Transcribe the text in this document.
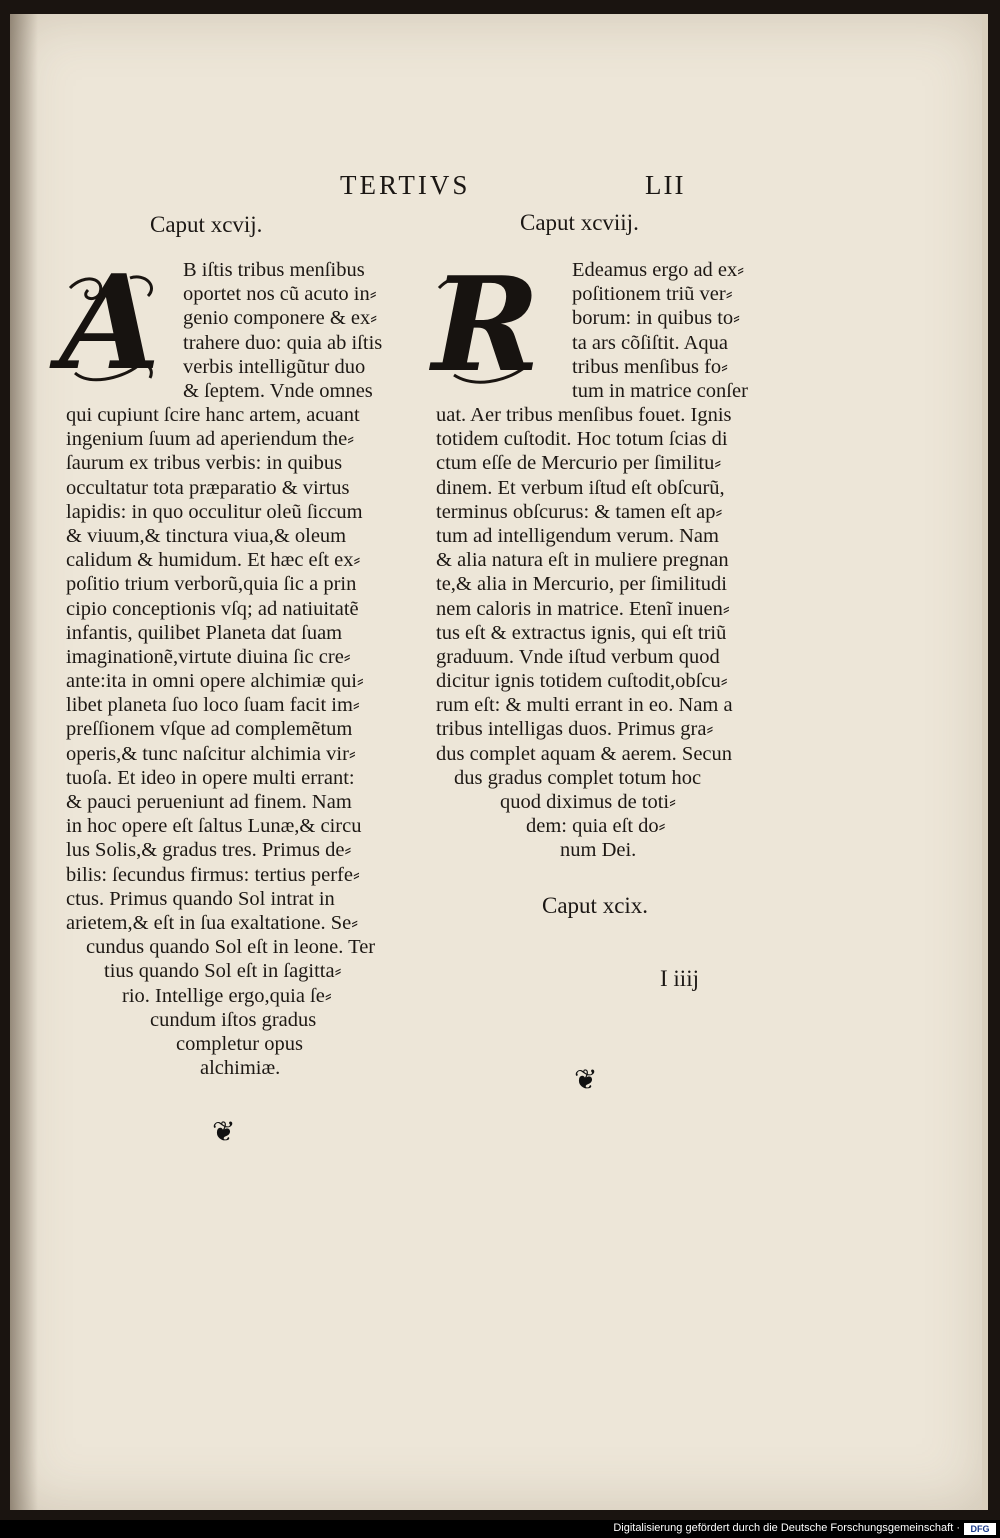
TERTIVS	LII
Caput xcvij.
A B iſtis tribus menſibus
oportet nos cũ acuto in⸗
genio componere & ex⸗
trahere duo: quia ab iſtis
verbis intelligũtur duo
& ſeptem. Vnde omnes
qui cupiunt ſcire hanc artem, acuant
ingenium ſuum ad aperiendum the⸗
ſaurum ex tribus verbis: in quibus
occultatur tota præparatio & virtus
lapidis: in quo occulitur oleũ ſiccum
& viuum,& tinctura viua,& oleum
calidum & humidum. Et hæc eſt ex⸗
poſitio trium verborũ,quia ſic a prin
cipio conceptionis vſq; ad natiuitatẽ
infantis, quilibet Planeta dat ſuam
imaginationẽ,virtute diuina ſic cre⸗
ante:ita in omni opere alchimiæ qui⸗
libet planeta ſuo loco ſuam facit im⸗
preſſionem vſque ad complemẽtum
operis,& tunc naſcitur alchimia vir⸗
tuoſa. Et ideo in opere multi errant:
& pauci perueniunt ad finem. Nam
in hoc opere eſt ſaltus Lunæ,& circu
lus Solis,& gradus tres. Primus de⸗
bilis: ſecundus firmus: tertius perfe⸗
ctus. Primus quando Sol intrat in
arietem,& eſt in ſua exaltatione. Se⸗
cundus quando Sol eſt in leone. Ter
tius quando Sol eſt in ſagitta⸗
rio. Intellige ergo,quia ſe⸗
cundum iſtos gradus
completur opus
alchimiæ.
❦
Caput xcviij.
R Edeamus ergo ad ex⸗
poſitionem triũ ver⸗
borum: in quibus to⸗
ta ars cõſiſtit. Aqua
tribus menſibus fo⸗
tum in matrice conſer
uat. Aer tribus menſibus fouet. Ignis
totidem cuſtodit. Hoc totum ſcias di
ctum eſſe de Mercurio per ſimilitu⸗
dinem. Et verbum iſtud eſt obſcurũ,
terminus obſcurus: & tamen eſt ap⸗
tum ad intelligendum verum. Nam
& alia natura eſt in muliere pregnan
te,& alia in Mercurio, per ſimilitudi
nem caloris in matrice. Etenĩ inuen⸗
tus eſt & extractus ignis, qui eſt triũ
graduum. Vnde iſtud verbum quod
dicitur ignis totidem cuſtodit,obſcu⸗
rum eſt: & multi errant in eo. Nam a
tribus intelligas duos. Primus gra⸗
dus complet aquam & aerem. Secun
dus gradus complet totum hoc
quod diximus de toti⸗
dem: quia eſt do⸗
num Dei.
Caput xcix.
I iiij
❦
Digitalisierung gefördert durch die Deutsche Forschungsgemeinschaft ·	DFG
